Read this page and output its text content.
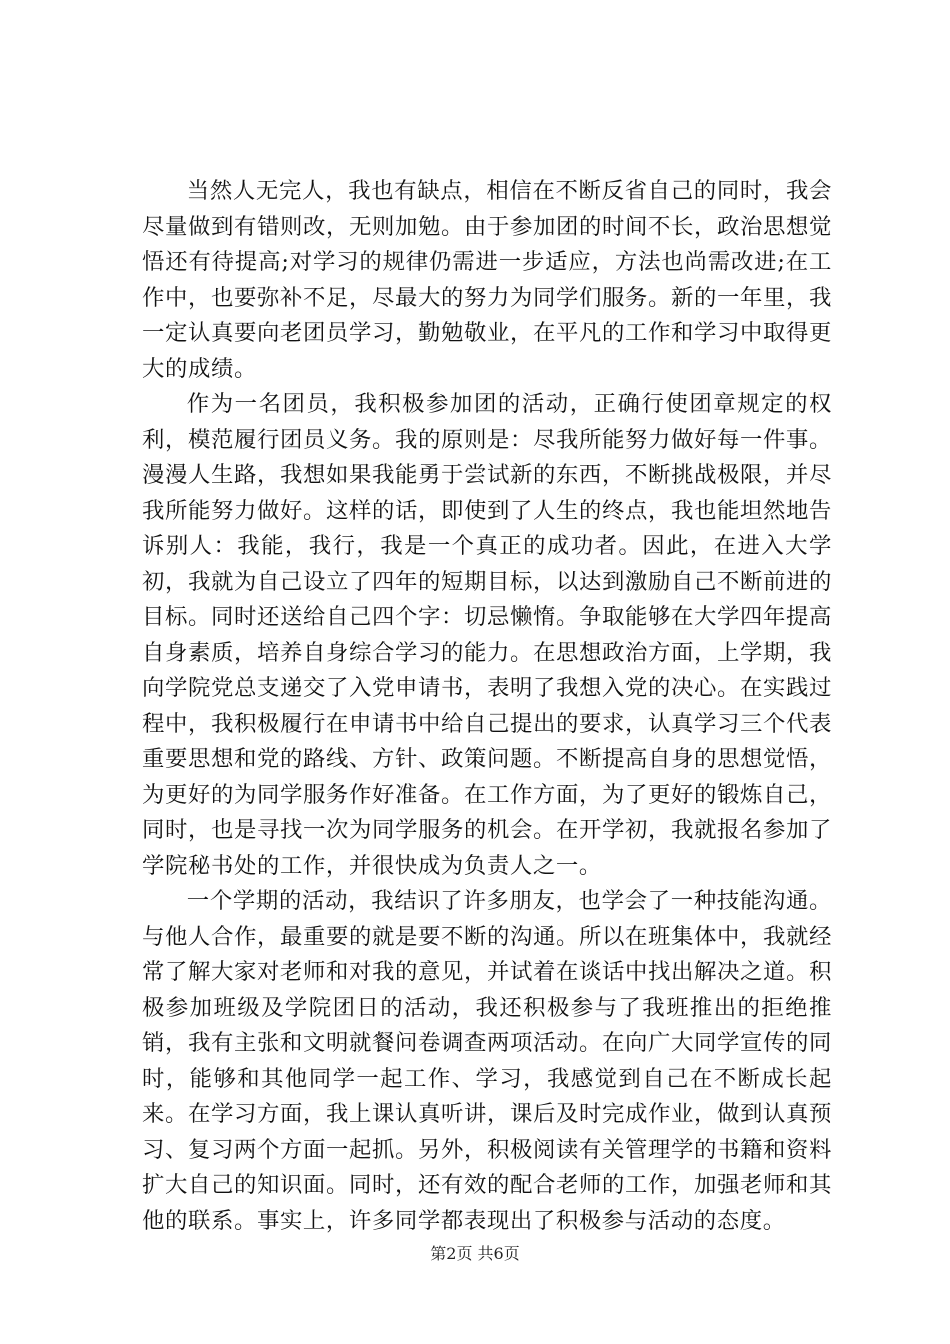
当然人无完人，我也有缺点，相信在不断反省自己的同时，我会尽量做到有错则改，无则加勉。由于参加团的时间不长，政治思想觉悟还有待提高;对学习的规律仍需进一步适应，方法也尚需改进;在工作中，也要弥补不足，尽最大的努力为同学们服务。新的一年里，我一定认真要向老团员学习，勤勉敬业，在平凡的工作和学习中取得更大的成绩。

作为一名团员，我积极参加团的活动，正确行使团章规定的权利，模范履行团员义务。我的原则是：尽我所能努力做好每一件事。漫漫人生路，我想如果我能勇于尝试新的东西，不断挑战极限，并尽我所能努力做好。这样的话，即使到了人生的终点，我也能坦然地告诉别人：我能，我行，我是一个真正的成功者。因此，在进入大学初，我就为自己设立了四年的短期目标，以达到激励自己不断前进的目标。同时还送给自己四个字：切忌懒惰。争取能够在大学四年提高自身素质，培养自身综合学习的能力。在思想政治方面，上学期，我向学院党总支递交了入党申请书，表明了我想入党的决心。在实践过程中，我积极履行在申请书中给自己提出的要求，认真学习三个代表重要思想和党的路线、方针、政策问题。不断提高自身的思想觉悟，为更好的为同学服务作好准备。在工作方面，为了更好的锻炼自己，同时，也是寻找一次为同学服务的机会。在开学初，我就报名参加了学院秘书处的工作，并很快成为负责人之一。

一个学期的活动，我结识了许多朋友，也学会了一种技能沟通。与他人合作，最重要的就是要不断的沟通。所以在班集体中，我就经常了解大家对老师和对我的意见，并试着在谈话中找出解决之道。积极参加班级及学院团日的活动，我还积极参与了我班推出的拒绝推销，我有主张和文明就餐问卷调查两项活动。在向广大同学宣传的同时，能够和其他同学一起工作、学习，我感觉到自己在不断成长起来。在学习方面，我上课认真听讲，课后及时完成作业，做到认真预习、复习两个方面一起抓。另外，积极阅读有关管理学的书籍和资料扩大自己的知识面。同时，还有效的配合老师的工作，加强老师和其他的联系。事实上，许多同学都表现出了积极参与活动的态度。

第2页 共6页
